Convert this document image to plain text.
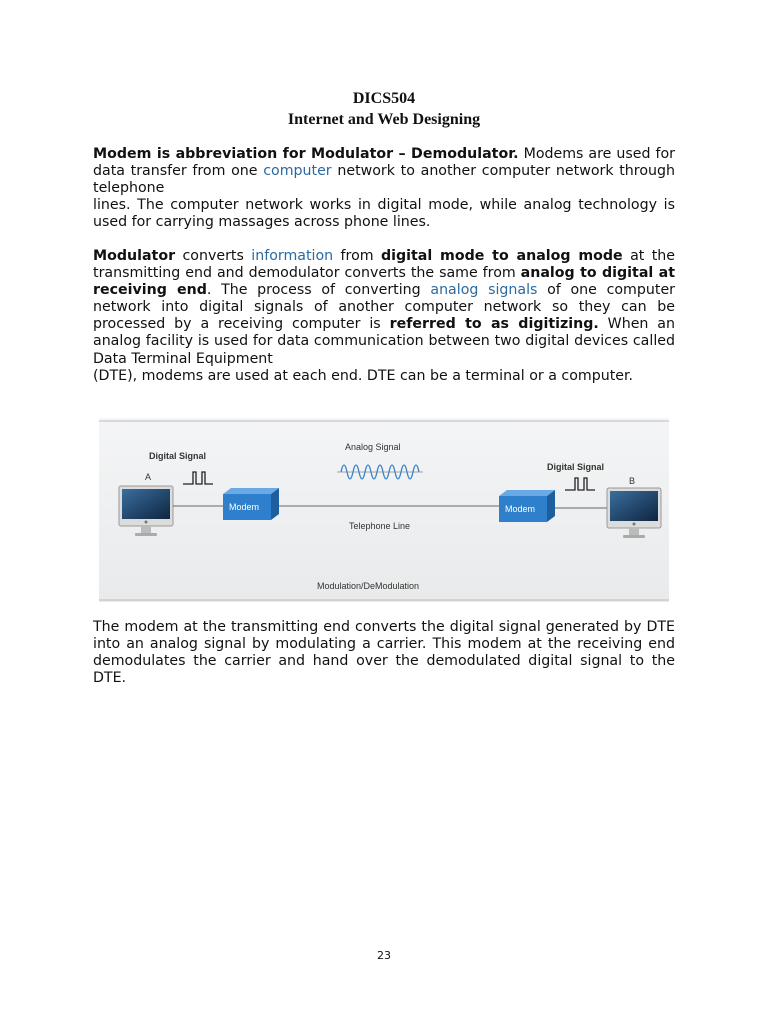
DICS504
Internet and Web Designing

Modem is abbreviation for Modulator – Demodulator. Modems are used for data transfer from one computer network to another computer network through telephone

lines. The computer network works in digital mode, while analog technology is used for carrying massages across phone lines.

Modulator converts information from digital mode to analog mode at the transmitting end and demodulator converts the same from analog to digital at receiving end. The process of converting analog signals of one computer network into digital signals of another computer network so they can be processed by a receiving computer is referred to as digitizing. When an analog facility is used for data communication between two digital devices called Data Terminal Equipment

(DTE), modems are used at each end. DTE can be a terminal or a computer.

A
Digital Signal
Modem
Telephone Line
Analog Signal
Modem
Digital Signal
B
Modulation/DeModulation

The modem at the transmitting end converts the digital signal generated by DTE into an analog signal by modulating a carrier. This modem at the receiving end demodulates the carrier and hand over the demodulated digital signal to the DTE.

23
